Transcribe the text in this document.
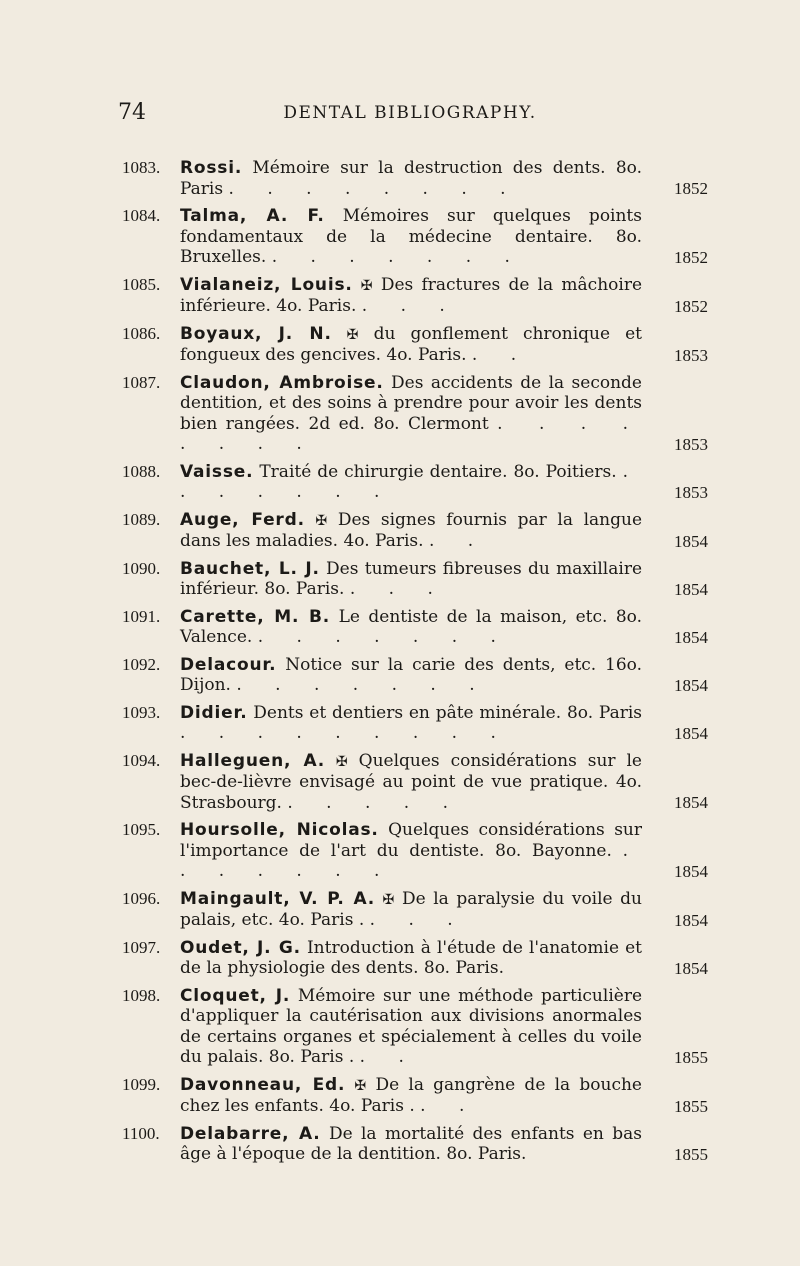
74	DENTAL BIBLIOGRAPHY.
1083. Rossi. Mémoire sur la destruction des dents. 8o. Paris . . . . . . . .	1852
1084. Talma, A. F. Mémoires sur quelques points fondamentaux de la médecine dentaire. 8o. Bruxelles. . . . . . . .	1852
1085. Vialaneiz, Louis. ✠ Des fractures de la mâchoire inférieure. 4o. Paris. . . .	1852
1086. Boyaux, J. N. ✠ du gonflement chronique et fongueux des gencives. 4o. Paris. . .	1853
1087. Claudon, Ambroise. Des accidents de la seconde dentition, et des soins à prendre pour avoir les dents bien rangées. 2d ed. 8o. Clermont . . . . . . . .	1853
1088. Vaisse. Traité de chirurgie dentaire. 8o. Poitiers. . . . . . . .	1853
1089. Auge, Ferd. ✠ Des signes fournis par la langue dans les maladies. 4o. Paris. . .	1854
1090. Bauchet, L. J. Des tumeurs fibreuses du maxillaire inférieur. 8o. Paris. . . .	1854
1091. Carette, M. B. Le dentiste de la maison, etc. 8o. Valence. . . . . . . .	1854
1092. Delacour. Notice sur la carie des dents, etc. 16o. Dijon. . . . . . . .	1854
1093. Didier. Dents et dentiers en pâte minérale. 8o. Paris . . . . . . . . .	1854
1094. Halleguen, A. ✠ Quelques considérations sur le bec-de-lièvre envisagé au point de vue pratique. 4o. Strasbourg. . . . . .	1854
1095. Hoursolle, Nicolas. Quelques considérations sur l'importance de l'art du dentiste. 8o. Bayonne. . . . . . . .	1854
1096. Maingault, V. P. A. ✠ De la paralysie du voile du palais, etc. 4o. Paris . . . .	1854
1097. Oudet, J. G. Introduction à l'étude de l'anatomie et de la physiologie des dents. 8o. Paris.	1854
1098. Cloquet, J. Mémoire sur une méthode particulière d'appliquer la cautérisation aux divisions anormales de certains organes et spécialement à celles du voile du palais. 8o. Paris . . .	1855
1099. Davonneau, Ed. ✠ De la gangrène de la bouche chez les enfants. 4o. Paris . . .	1855
1100. Delabarre, A. De la mortalité des enfants en bas âge à l'époque de la dentition. 8o. Paris.	1855
